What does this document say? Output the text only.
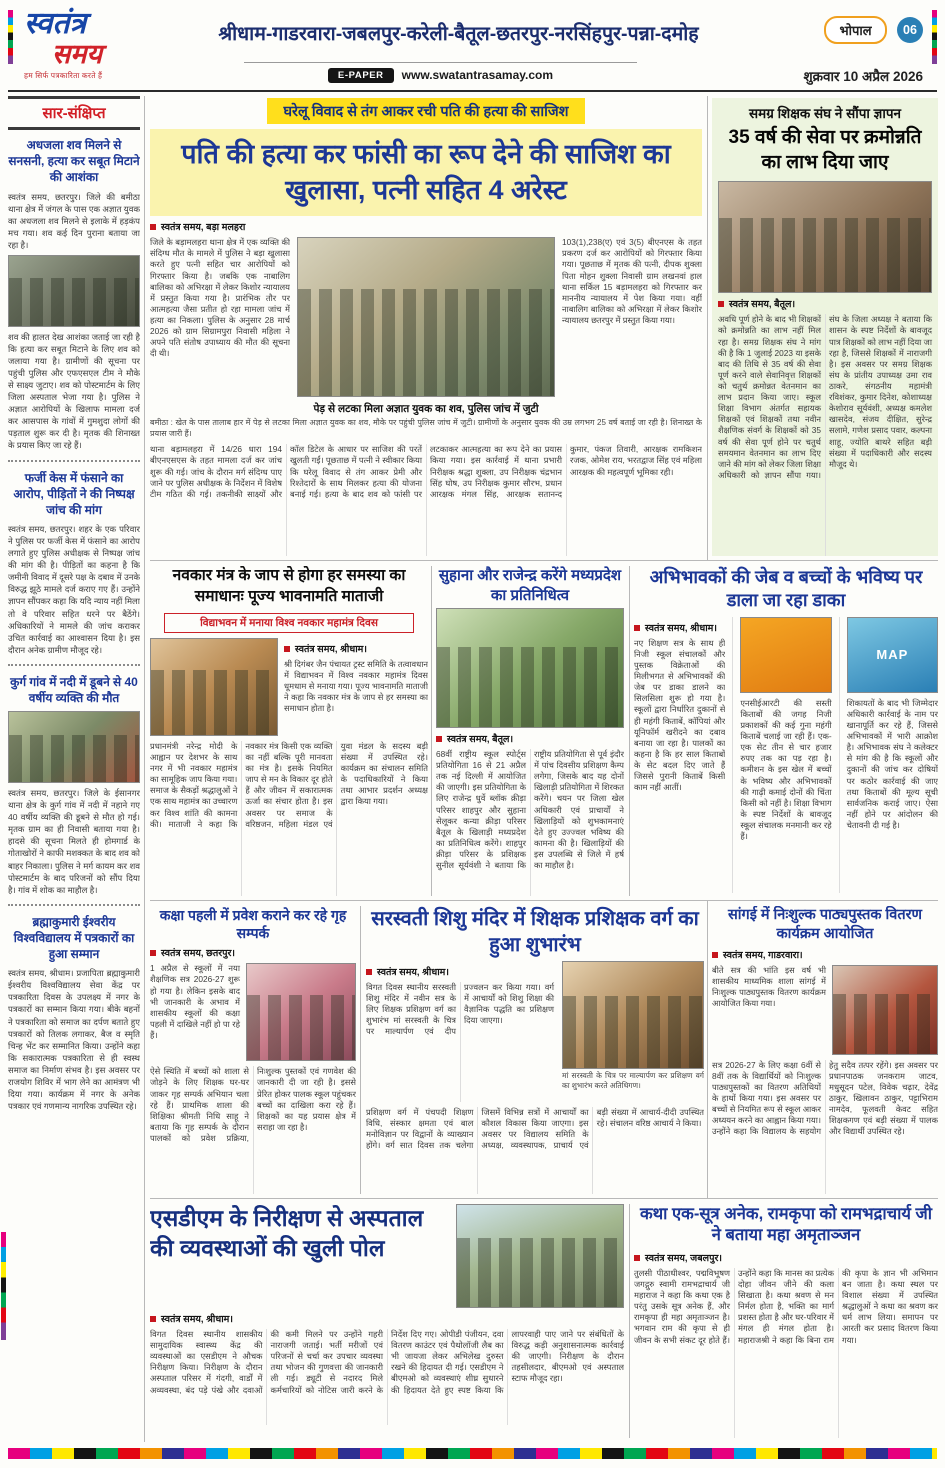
स्वतंत्र
समय
हम सिर्फ पत्रकारिता करते हैं
श्रीधाम-गाडरवारा-जबलपुर-करेली-बैतूल-छतरपुर-नरसिंहपुर-पन्ना-दमोह
E-PAPER www.swatantrasamay.com
भोपाल	06
शुक्रवार 10 अप्रैल 2026
सार-संक्षिप्त
अधजला शव मिलने से सनसनी, हत्या कर सबूत मिटाने की आशंका

स्वतंत्र समय, छतरपुर। जिले की बमीठा थाना क्षेत्र में जंगल के पास एक अज्ञात युवक का अधजला शव मिलने से इलाके में हड़कंप मच गया। शव कई दिन पुराना बताया जा रहा है।

शव की हालत देख आशंका जताई जा रही है कि हत्या कर सबूत मिटाने के लिए शव को जलाया गया है। ग्रामीणों की सूचना पर पहुंची पुलिस और एफएसएल टीम ने मौके से साक्ष्य जुटाए। शव को पोस्टमार्टम के लिए जिला अस्पताल भेजा गया है। पुलिस ने अज्ञात आरोपियों के खिलाफ मामला दर्ज कर आसपास के गांवों में गुमशुदा लोगों की पड़ताल शुरू कर दी है। मृतक की शिनाख्त के प्रयास किए जा रहे हैं।

फर्जी केस में फंसाने का आरोप, पीड़ितों ने की निष्पक्ष जांच की मांग

स्वतंत्र समय, छतरपुर। शहर के एक परिवार ने पुलिस पर फर्जी केस में फंसाने का आरोप लगाते हुए पुलिस अधीक्षक से निष्पक्ष जांच की मांग की है। पीड़ितों का कहना है कि जमीनी विवाद में दूसरे पक्ष के दबाव में उनके विरुद्ध झूठे मामले दर्ज कराए गए हैं। उन्होंने ज्ञापन सौंपकर कहा कि यदि न्याय नहीं मिला तो वे परिवार सहित धरने पर बैठेंगे। अधिकारियों ने मामले की जांच कराकर उचित कार्रवाई का आश्वासन दिया है। इस दौरान अनेक ग्रामीण मौजूद रहे।

कुर्ग गांव में नदी में डूबने से 40 वर्षीय व्यक्ति की मौत

स्वतंत्र समय, छतरपुर। जिले के ईसानगर थाना क्षेत्र के कुर्ग गांव में नदी में नहाने गए 40 वर्षीय व्यक्ति की डूबने से मौत हो गई। मृतक ग्राम का ही निवासी बताया गया है। हादसे की सूचना मिलते ही होमगार्ड के गोताखोरों ने काफी मशक्कत के बाद शव को बाहर निकाला। पुलिस ने मर्ग कायम कर शव पोस्टमार्टम के बाद परिजनों को सौंप दिया है। गांव में शोक का माहौल है।

ब्रह्माकुमारी ईश्वरीय विश्वविद्यालय में पत्रकारों का हुआ सम्मान

स्वतंत्र समय, श्रीधाम। प्रजापिता ब्रह्माकुमारी ईश्वरीय विश्वविद्यालय सेवा केंद्र पर पत्रकारिता दिवस के उपलक्ष्य में नगर के पत्रकारों का सम्मान किया गया। बीके बहनों ने पत्रकारिता को समाज का दर्पण बताते हुए पत्रकारों को तिलक लगाकर, बैज व स्मृति चिन्ह भेंट कर सम्मानित किया। उन्होंने कहा कि सकारात्मक पत्रकारिता से ही स्वस्थ समाज का निर्माण संभव है। इस अवसर पर राजयोग शिविर में भाग लेने का आमंत्रण भी दिया गया। कार्यक्रम में नगर के अनेक पत्रकार एवं गणमान्य नागरिक उपस्थित रहे।

घरेलू विवाद से तंग आकर रची पति की हत्या की साजिश
पति की हत्या कर फांसी का रूप देने की साजिश का खुलासा, पत्नी सहित 4 अरेस्ट
स्वतंत्र समय, बड़ा मलहरा

जिले के बड़ामलहरा थाना क्षेत्र में एक व्यक्ति की संदिग्ध मौत के मामले में पुलिस ने बड़ा खुलासा करते हुए पत्नी सहित चार आरोपियों को गिरफ्तार किया है। जबकि एक नाबालिग बालिका को अभिरक्षा में लेकर किशोर न्यायालय में प्रस्तुत किया गया है। प्रारंभिक तौर पर आत्महत्या जैसा प्रतीत हो रहा मामला जांच में हत्या का निकला। पुलिस के अनुसार 28 मार्च 2026 को ग्राम सिग्रामपुरा निवासी महिला ने अपने पति संतोष उपाध्याय की मौत की सूचना दी थी।

103(1),238(ए) एवं 3(5) बीएनएस के तहत प्रकरण दर्ज कर आरोपियों को गिरफ्तार किया गया। पूछताछ में मृतक की पत्नी, दीपक शुक्ला पिता मोहन शुक्ला निवासी ग्राम लखनवां हाल थाना सर्किल 15 बड़ामलहरा को गिरफ्तार कर माननीय न्यायालय में पेश किया गया। वहीं नाबालिग बालिका को अभिरक्षा में लेकर किशोर न्यायालय छतरपुर में प्रस्तुत किया गया।

पेड़ से लटका मिला अज्ञात युवक का शव, पुलिस जांच में जुटी

बमीठा : खेत के पास तालाब हार में पेड़ से लटका मिला अज्ञात युवक का शव, मौके पर पहुंची पुलिस जांच में जुटी। ग्रामीणों के अनुसार युवक की उम्र लगभग 25 वर्ष बताई जा रही है। शिनाख्त के प्रयास जारी हैं।

थाना बड़ामलहरा में 14/26 धारा 194 बीएनएसएस के तहत मामला दर्ज कर जांच शुरू की गई। जांच के दौरान मर्ग संदिग्ध पाए जाने पर पुलिस अधीक्षक के निर्देशन में विशेष टीम गठित की गई। तकनीकी साक्ष्यों और कॉल डिटेल के आधार पर साजिश की परतें खुलती गईं। पूछताछ में पत्नी ने स्वीकार किया कि घरेलू विवाद से तंग आकर प्रेमी और रिश्तेदारों के साथ मिलकर हत्या की योजना बनाई गई। हत्या के बाद शव को फांसी पर लटकाकर आत्महत्या का रूप देने का प्रयास किया गया। इस कार्रवाई में थाना प्रभारी निरीक्षक श्रद्धा शुक्ला, उप निरीक्षक चंद्रभान सिंह घोष, उप निरीक्षक कुमार सौरभ, प्रधान आरक्षक मंगल सिंह, आरक्षक सतानन्द कुमार, पंकज तिवारी, आरक्षक रामकिशन रजक, ओमेश राय, भरतद्वाज सिंह एवं महिला आरक्षक की महत्वपूर्ण भूमिका रही।

समग्र शिक्षक संघ ने सौंपा ज्ञापन
35 वर्ष की सेवा पर क्रमोन्नति का लाभ दिया जाए
स्वतंत्र समय, बैतूल।

अवधि पूर्ण होने के बाद भी शिक्षकों को क्रमोन्नति का लाभ नहीं मिल रहा है। समग्र शिक्षक संघ ने मांग की है कि 1 जुलाई 2023 या इसके बाद की तिथि से 35 वर्ष की सेवा पूर्ण करने वाले सेवानिवृत्त शिक्षकों को चतुर्थ क्रमोन्नत वेतनमान का लाभ प्रदान किया जाए। स्कूल शिक्षा विभाग अंतर्गत सहायक शिक्षकों एवं शिक्षकों तथा नवीन शैक्षणिक संवर्ग के शिक्षकों को 35 वर्ष की सेवा पूर्ण होने पर चतुर्थ समयमान वेतनमान का लाभ दिए जाने की मांग को लेकर जिला शिक्षा अधिकारी को ज्ञापन सौंपा गया। संघ के जिला अध्यक्ष ने बताया कि शासन के स्पष्ट निर्देशों के बावजूद पात्र शिक्षकों को लाभ नहीं दिया जा रहा है, जिससे शिक्षकों में नाराजगी है। इस अवसर पर समग्र शिक्षक संघ के प्रांतीय उपाध्यक्ष उमा राव ठाकरे, संगठनीय महामंत्री रविशंकर, कुमार दिनेश, कोशाध्यक्ष केशोराव सूर्यवंशी, अध्यक्ष कमलेश खासदेव, संजय दीक्षित, सुरेन्द्र सलामे, गणेश प्रसाद पवार, कल्पना शाहू, ज्योति बाथरे सहित बड़ी संख्या में पदाधिकारी और सदस्य मौजूद थे।

नवकार मंत्र के जाप से होगा हर समस्या का समाधानः पूज्य भावनामति माताजी
विद्याभवन में मनाया विश्व नवकार महामंत्र दिवस
स्वतंत्र समय, श्रीधाम।

श्री दिगंबर जैन पंचायत ट्रस्ट समिति के तत्वावधान में विद्याभवन में विश्व नवकार महामंत्र दिवस धूमधाम से मनाया गया। पूज्य भावनामति माताजी ने कहा कि नवकार मंत्र के जाप से हर समस्या का समाधान होता है।

प्रधानमंत्री नरेन्द्र मोदी के आह्वान पर देशभर के साथ नगर में भी नवकार महामंत्र का सामूहिक जाप किया गया। समाज के सैकड़ों श्रद्धालुओं ने एक साथ महामंत्र का उच्चारण कर विश्व शांति की कामना की। माताजी ने कहा कि नवकार मंत्र किसी एक व्यक्ति का नहीं बल्कि पूरी मानवता का मंत्र है। इसके नियमित जाप से मन के विकार दूर होते हैं और जीवन में सकारात्मक ऊर्जा का संचार होता है। इस अवसर पर समाज के वरिष्ठजन, महिला मंडल एवं युवा मंडल के सदस्य बड़ी संख्या में उपस्थित रहे। कार्यक्रम का संचालन समिति के पदाधिकारियों ने किया तथा आभार प्रदर्शन अध्यक्ष द्वारा किया गया।

सुहाना और राजेन्द्र करेंगे मध्यप्रदेश का प्रतिनिधित्व
स्वतंत्र समय, बैतूल।

68वीं राष्ट्रीय स्कूल स्पोर्ट्स प्रतियोगिता 16 से 21 अप्रैल तक नई दिल्ली में आयोजित की जाएगी। इस प्रतियोगिता के लिए राजेन्द्र धुर्वे ब्लॉक क्रीड़ा परिसर शाहपुर और सुहाना सेलूकर कन्या क्रीड़ा परिसर बैतूल के खिलाड़ी मध्यप्रदेश का प्रतिनिधित्व करेंगे। शाहपुर क्रीड़ा परिसर के प्रशिक्षक सुनील सूर्यवंशी ने बताया कि राष्ट्रीय प्रतियोगिता से पूर्व इंदौर में पांच दिवसीय प्रशिक्षण कैम्प लगेगा, जिसके बाद यह दोनों खिलाड़ी प्रतियोगिता में शिरकत करेंगे। चयन पर जिला खेल अधिकारी एवं प्राचार्यों ने खिलाड़ियों को शुभकामनाएं देते हुए उज्ज्वल भविष्य की कामना की है। खिलाड़ियों की इस उपलब्धि से जिले में हर्ष का माहौल है।

अभिभावकों की जेब व बच्चों के भविष्य पर डाला जा रहा डाका
स्वतंत्र समय, श्रीधाम।

नए शिक्षण सत्र के साथ ही निजी स्कूल संचालकों और पुस्तक विक्रेताओं की मिलीभगत से अभिभावकों की जेब पर डाका डालने का सिलसिला शुरू हो गया है। स्कूलों द्वारा निर्धारित दुकानों से ही महंगी किताबें, कॉपियां और यूनिफॉर्म खरीदने का दबाव बनाया जा रहा है। पालकों का कहना है कि हर साल किताबों के सेट बदल दिए जाते हैं जिससे पुरानी किताबें किसी काम नहीं आतीं।

एनसीईआरटी की सस्ती किताबों की जगह निजी प्रकाशकों की कई गुना महंगी किताबें चलाई जा रही हैं। एक-एक सेट तीन से चार हजार रुपए तक का पड़ रहा है। कमीशन के इस खेल में बच्चों के भविष्य और अभिभावकों की गाढ़ी कमाई दोनों की चिंता किसी को नहीं है। शिक्षा विभाग के स्पष्ट निर्देशों के बावजूद स्कूल संचालक मनमानी कर रहे हैं।

MAP

शिकायतों के बाद भी जिम्मेदार अधिकारी कार्रवाई के नाम पर खानापूर्ति कर रहे हैं, जिससे अभिभावकों में भारी आक्रोश है। अभिभावक संघ ने कलेक्टर से मांग की है कि स्कूलों और दुकानों की जांच कर दोषियों पर कठोर कार्रवाई की जाए तथा किताबों की मूल्य सूची सार्वजनिक कराई जाए। ऐसा नहीं होने पर आंदोलन की चेतावनी दी गई है।

कक्षा पहली में प्रवेश कराने कर रहे गृह सम्पर्क
स्वतंत्र समय, छतरपुर।

1 अप्रैल से स्कूलों में नया शैक्षणिक सत्र 2026-27 शुरू हो गया है। लेकिन इसके बाद भी जानकारी के अभाव में शासकीय स्कूलों की कक्षा पहली में दाखिले नहीं हो पा रहे हैं।

ऐसे स्थिति में बच्चों को शाला से जोड़ने के लिए शिक्षक घर-घर जाकर गृह सम्पर्क अभियान चला रहे हैं। प्राथमिक शाला की शिक्षिका श्रीमती निधि साहू ने बताया कि गृह सम्पर्क के दौरान पालकों को प्रवेश प्रक्रिया, निःशुल्क पुस्तकों एवं गणवेश की जानकारी दी जा रही है। इससे प्रेरित होकर पालक स्कूल पहुंचकर बच्चों का दाखिला करा रहे हैं। शिक्षकों का यह प्रयास क्षेत्र में सराहा जा रहा है।

सरस्वती शिशु मंदिर में शिक्षक प्रशिक्षक वर्ग का हुआ शुभारंभ
स्वतंत्र समय, श्रीधाम।

विगत दिवस स्थानीय सरस्वती शिशु मंदिर में नवीन सत्र के लिए शिक्षक प्रशिक्षण वर्ग का शुभारंभ मां सरस्वती के चित्र पर माल्यार्पण एवं दीप प्रज्वलन कर किया गया। वर्ग में आचार्यों को शिशु शिक्षा की वैज्ञानिक पद्धति का प्रशिक्षण दिया जाएगा।

मां सरस्वती के चित्र पर माल्यार्पण कर प्रशिक्षण वर्ग का शुभारंभ करते अतिथिगण।

प्रशिक्षण वर्ग में पंचपदी शिक्षण विधि, संस्कार क्षमता एवं बाल मनोविज्ञान पर विद्वानों के व्याख्यान होंगे। वर्ग सात दिवस तक चलेगा जिसमें विभिन्न सत्रों में आचार्यों का कौशल विकास किया जाएगा। इस अवसर पर विद्यालय समिति के अध्यक्ष, व्यवस्थापक, प्राचार्य एवं बड़ी संख्या में आचार्य-दीदी उपस्थित रहे। संचालन वरिष्ठ आचार्य ने किया।

सांगई में निःशुल्क पाठ्यपुस्तक वितरण कार्यक्रम आयोजित
स्वतंत्र समय, गाडरवारा।

बीते सत्र की भांति इस वर्ष भी शासकीय माध्यमिक शाला सांगई में निःशुल्क पाठ्यपुस्तक वितरण कार्यक्रम आयोजित किया गया।

सत्र 2026-27 के लिए कक्षा 6वीं से 8वीं तक के विद्यार्थियों को निःशुल्क पाठ्यपुस्तकों का वितरण अतिथियों के हाथों किया गया। इस अवसर पर बच्चों से नियमित रूप से स्कूल आकर अध्ययन करने का आह्वान किया गया। उन्होंने कहा कि विद्यालय के सहयोग हेतु सदैव तत्पर रहेंगे। इस अवसर पर प्रधानपाठक जनकराम जाटव, मधुसूदन पटेल, विवेक चढ़ार, देवेंद्र ठाकुर, खिलावन ठाकुर, पट्टाभिराम नामदेव, फूलवती केवट सहित शिक्षकगण एवं बड़ी संख्या में पालक और विद्यार्थी उपस्थित रहे।

एसडीएम के निरीक्षण से अस्पताल की व्यवस्थाओं की खुली पोल
स्वतंत्र समय, श्रीधाम।

विगत दिवस स्थानीय शासकीय सामुदायिक स्वास्थ्य केंद्र की व्यवस्थाओं का एसडीएम ने औचक निरीक्षण किया। निरीक्षण के दौरान अस्पताल परिसर में गंदगी, वार्डों में अव्यवस्था, बंद पड़े पंखे और दवाओं की कमी मिलने पर उन्होंने गहरी नाराजगी जताई। भर्ती मरीजों एवं परिजनों से चर्चा कर उपचार व्यवस्था तथा भोजन की गुणवत्ता की जानकारी ली गई। ड्यूटी से नदारद मिले कर्मचारियों को नोटिस जारी करने के निर्देश दिए गए। ओपीडी पंजीयन, दवा वितरण काउंटर एवं पैथोलॉजी लैब का भी जायजा लेकर अभिलेख दुरुस्त रखने की हिदायत दी गई। एसडीएम ने बीएमओ को व्यवस्थाएं शीघ्र सुधारने की हिदायत देते हुए स्पष्ट किया कि लापरवाही पाए जाने पर संबंधितों के विरुद्ध कड़ी अनुशासनात्मक कार्रवाई की जाएगी। निरीक्षण के दौरान तहसीलदार, बीएमओ एवं अस्पताल स्टाफ मौजूद रहा।

कथा एक-सूत्र अनेक, रामकृपा को रामभद्राचार्य जी ने बताया महा अमृताञ्जन
स्वतंत्र समय, जबलपुर।

तुलसी पीठाधीश्वर, पद्मविभूषण जगद्गुरु स्वामी रामभद्राचार्य जी महाराज ने कहा कि कथा एक है परंतु उसके सूत्र अनेक हैं, और रामकृपा ही महा अमृताञ्जन है। भगवान राम की कृपा से ही जीवन के सभी संकट दूर होते हैं। उन्होंने कहा कि मानस का प्रत्येक दोहा जीवन जीने की कला सिखाता है। कथा श्रवण से मन निर्मल होता है, भक्ति का मार्ग प्रशस्त होता है और घर-परिवार में मंगल ही मंगल होता है। महाराजश्री ने कहा कि बिना राम की कृपा के ज्ञान भी अभिमान बन जाता है। कथा स्थल पर विशाल संख्या में उपस्थित श्रद्धालुओं ने कथा का श्रवण कर धर्म लाभ लिया। समापन पर आरती कर प्रसाद वितरण किया गया।
